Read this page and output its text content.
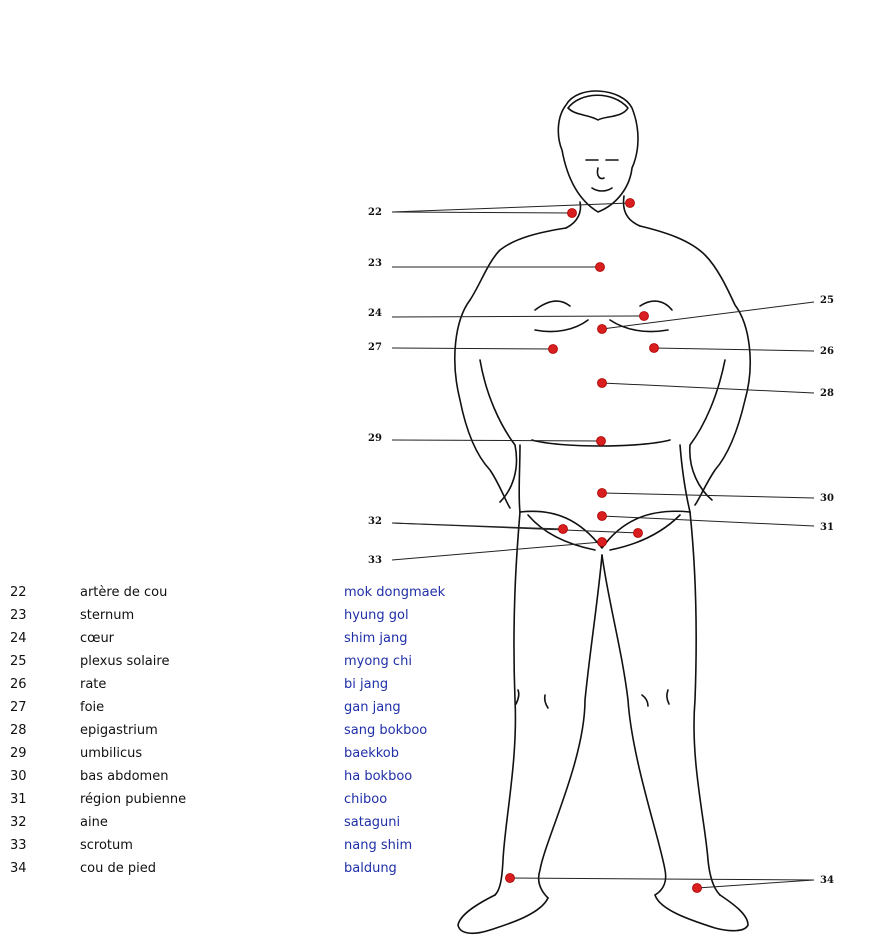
22
23
24
25
26
27
28
29
30
31
32
33
34
22	artère de cou	mok dongmaek
23	sternum	hyung gol
24	cœur	shim jang
25	plexus solaire	myong chi
26	rate	bi jang
27	foie	gan jang
28	epigastrium	sang bokboo
29	umbilicus	baekkob
30	bas abdomen	ha bokboo
31	région pubienne	chiboo
32	aine	sataguni
33	scrotum	nang shim
34	cou de pied	baldung
